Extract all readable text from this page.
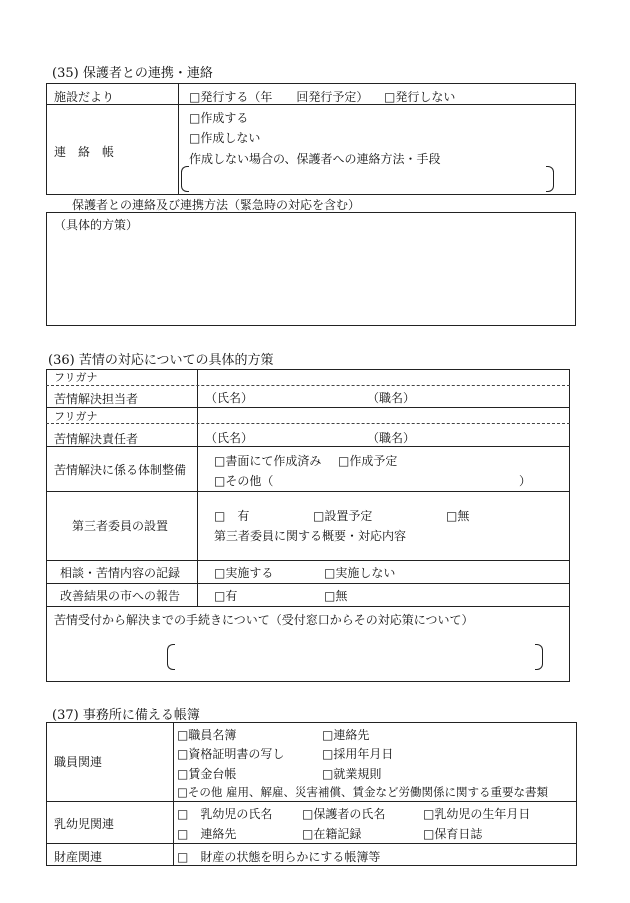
(35) 保護者との連携・連絡
施設だより	□発行する（年　　回発行予定） □発行しない
連　絡　帳
□作成する
□作成しない
作成しない場合の、保護者への連絡方法・手段
保護者との連絡及び連携方法（緊急時の対応を含む）
（具体的方策）
(36) 苦情の対応についての具体的方策
フリガナ
苦情解決担当者	（氏名）	（職名）
フリガナ
苦情解決責任者	（氏名）	（職名）
苦情解決に係る体制整備
□書面にて作成済み □作成予定
□その他（	）
第三者委員の設置
□　有	□設置予定	□無
第三者委員に関する概要・対応内容
相談・苦情内容の記録	□実施する	□実施しない
改善結果の市への報告	□有	□無
苦情受付から解決までの手続きについて（受付窓口からその対応策について）
(37) 事務所に備える帳簿
職員関連
□職員名簿	□連絡先
□資格証明書の写し	□採用年月日
□賃金台帳	□就業規則
□その他 雇用、解雇、災害補償、賃金など労働関係に関する重要な書類
乳幼児関連
□　乳幼児の氏名 □保護者の氏名	□乳幼児の生年月日
□　連絡先	□在籍記録	□保育日誌
財産関連	□　財産の状態を明らかにする帳簿等
